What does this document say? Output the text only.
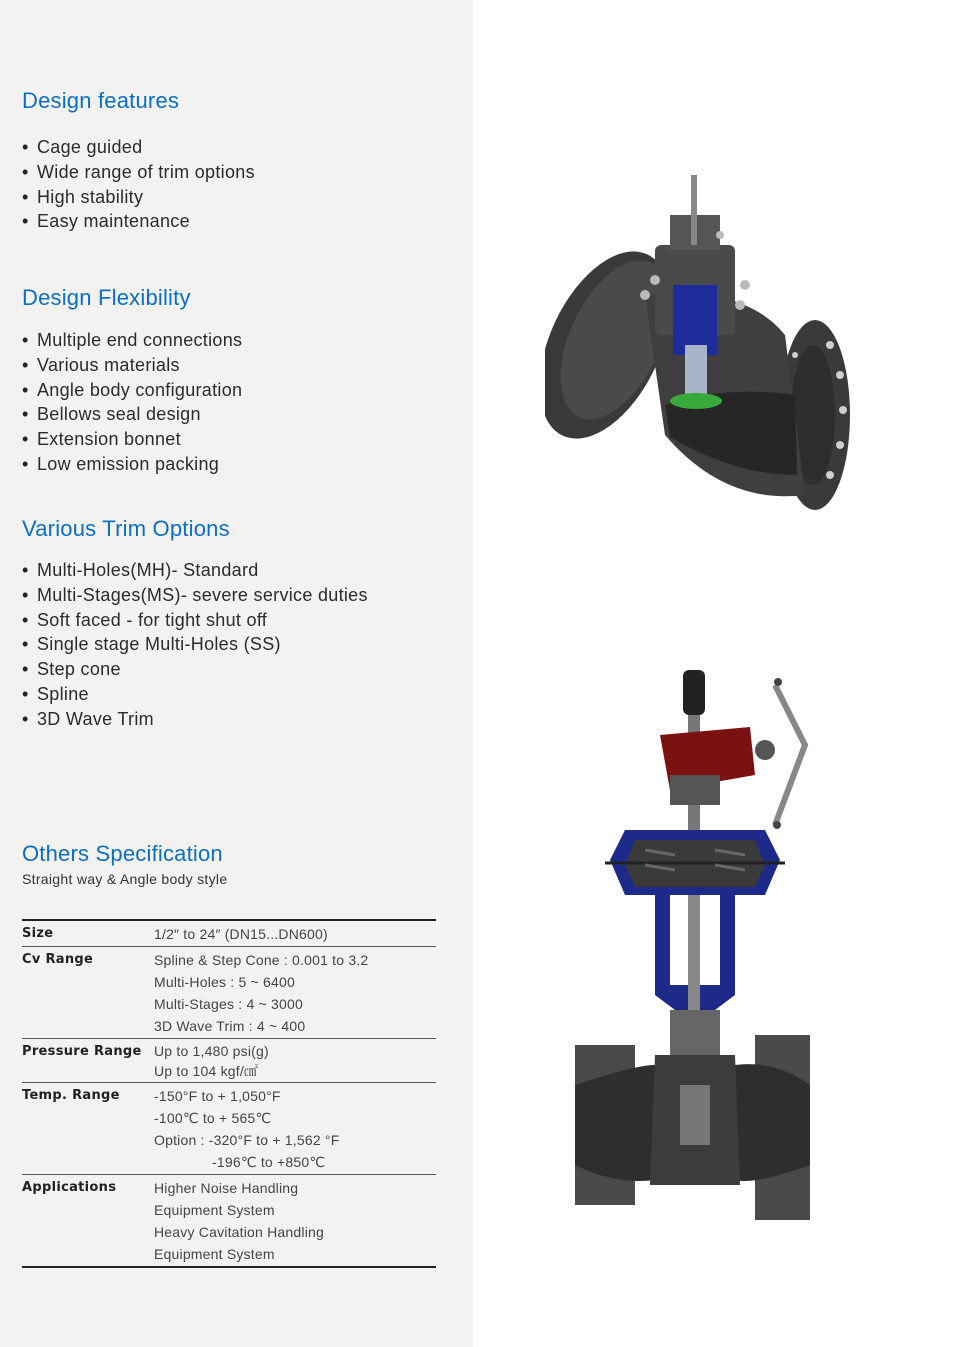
Design features
• Cage guided
• Wide range of trim options
• High stability
• Easy maintenance
Design Flexibility
• Multiple end connections
• Various materials
• Angle body configuration
• Bellows seal design
• Extension bonnet
• Low emission packing
Various Trim Options
• Multi-Holes(MH)- Standard
• Multi-Stages(MS)- severe service duties
• Soft faced - for tight shut off
• Single stage Multi-Holes (SS)
• Step cone
• Spline
• 3D Wave Trim
Others Specification

Straight way & Angle body style

Size	1/2″ to 24″ (DN15...DN600)
Cv Range	Spline & Step Cone : 0.001 to 3.2
Multi-Holes : 5 ~ 6400
Multi-Stages : 4 ~ 3000
3D Wave Trim : 4 ~ 400
Pressure Range Up to 1,480 psi(g)
Up to 104 kgf/㎠
Temp. Range	-150°F to + 1,050°F
-100℃ to + 565℃
Option : -320°F to + 1,562 °F
-196℃ to +850℃
Applications	Higher Noise Handling
Equipment System
Heavy Cavitation Handling
Equipment System
